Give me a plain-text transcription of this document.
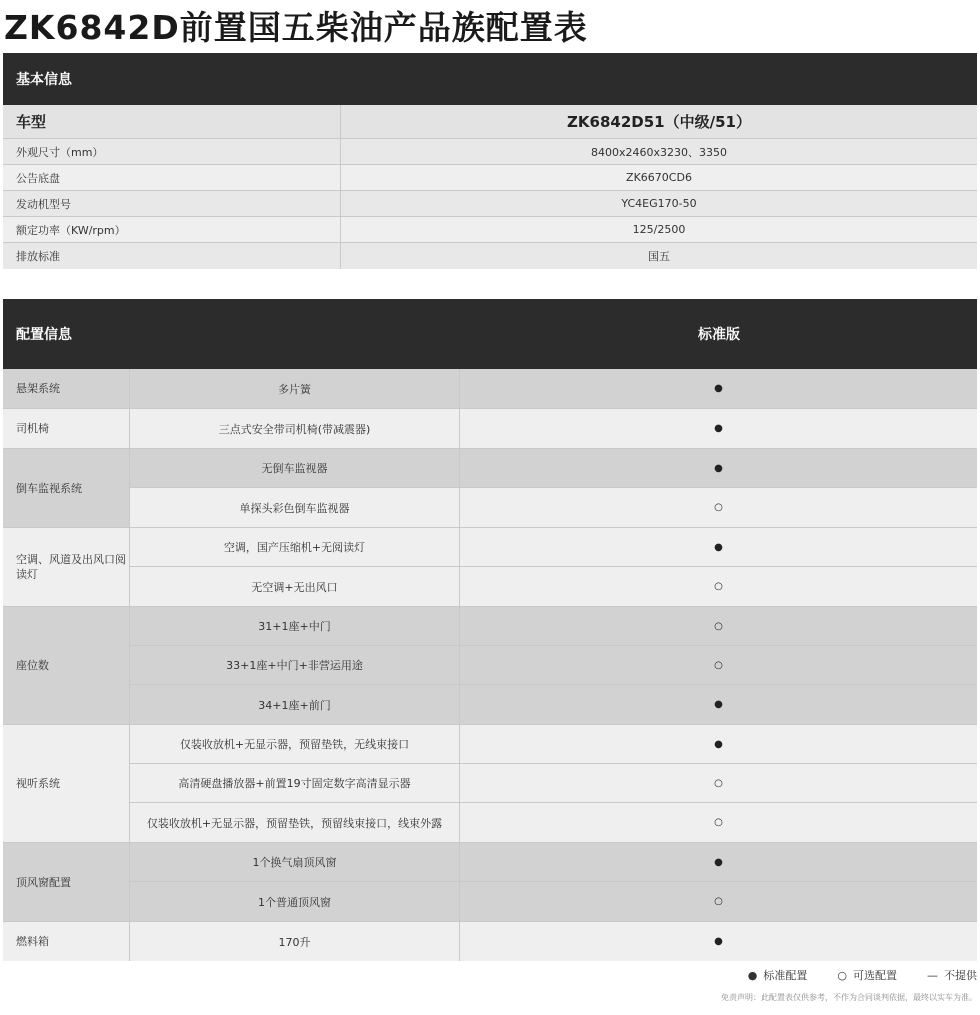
ZK6842D前置国五柴油产品族配置表
基本信息
车型	ZK6842D51（中级/51）
外观尺寸（mm）	8400x2460x3230、3350
公告底盘	ZK6670CD6
发动机型号	YC4EG170-50
额定功率（KW/rpm）	125/2500
排放标准	国五
配置信息	标准版
悬架系统	多片簧	●
司机椅	三点式安全带司机椅(带减震器)	●
倒车监视系统
无倒车监视器	●
单探头彩色倒车监视器	○
空调、风道及出风口阅读灯
空调，国产压缩机+无阅读灯	●
无空调+无出风口	○
座位数
31+1座+中门	○
33+1座+中门+非营运用途	○
34+1座+前门	●
视听系统
仅装收放机+无显示器，预留垫铁，无线束接口	●
高清硬盘播放器+前置19寸固定数字高清显示器	○
仅装收放机+无显示器，预留垫铁，预留线束接口，线束外露	○
顶风窗配置
1个换气扇顶风窗	●
1个普通顶风窗	○
燃料箱	170升	●
● 标准配置	○ 可选配置	— 不提供
免责声明：此配置表仅供参考，不作为合同谈判依据，最终以实车为准。
